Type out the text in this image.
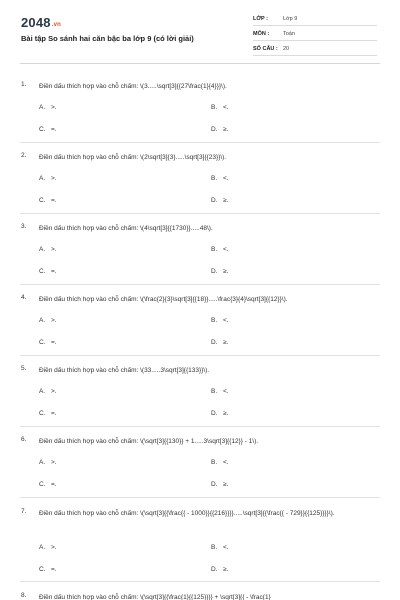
2048.vn
Bài tập So sánh hai căn bậc ba lớp 9 (có lời giải)
LỚP :	Lớp 9
MÔN :	Toán
SỐ CÂU : 20
1. Điền dấu thích hợp vào chỗ chấm: \(3.....\sqrt[3]{{27\frac{1}{4}}}\).
A. >.	B. <.
C. =.	D. ≥.
2. Điền dấu thích hợp vào chỗ chấm: \(2\sqrt[3]{3}.....\sqrt[3]{{23}}\).
A. >.	B. <.
C. =.	D. ≥.
3. Điền dấu thích hợp vào chỗ chấm: \(4\sqrt[3]{{1730}}.....48\).
A. >.	B. <.
C. =.	D. ≥.
4. Điền dấu thích hợp vào chỗ chấm: \(\frac{2}{3}\sqrt[3]{{18}}.....\frac{3}{4}\sqrt[3]{{12}}\).
A. >.	B. <.
C. =.	D. ≥.
5. Điền dấu thích hợp vào chỗ chấm: \(33.....3\sqrt[3]{{133}}\).
A. >.	B. <.
C. =.	D. ≥.
6. Điền dấu thích hợp vào chỗ chấm: \(\sqrt[3]{{130}} + 1.....3\sqrt[3]{{12}} - 1\).
A. >.	B. <.
C. =.	D. ≥.
7. Điền dấu thích hợp vào chỗ chấm: \(\sqrt[3]{{\frac{{ - 1000}}{{216}}}}.....\sqrt[3]{{\frac{{ - 729}}{{125}}}}\).
A. >.	B. <.
C. =.	D. ≥.
8. Điền dấu thích hợp vào chỗ chấm: \(\sqrt[3]{{\frac{1}{{125}}}} + \sqrt[3]{{ - \frac{1}
